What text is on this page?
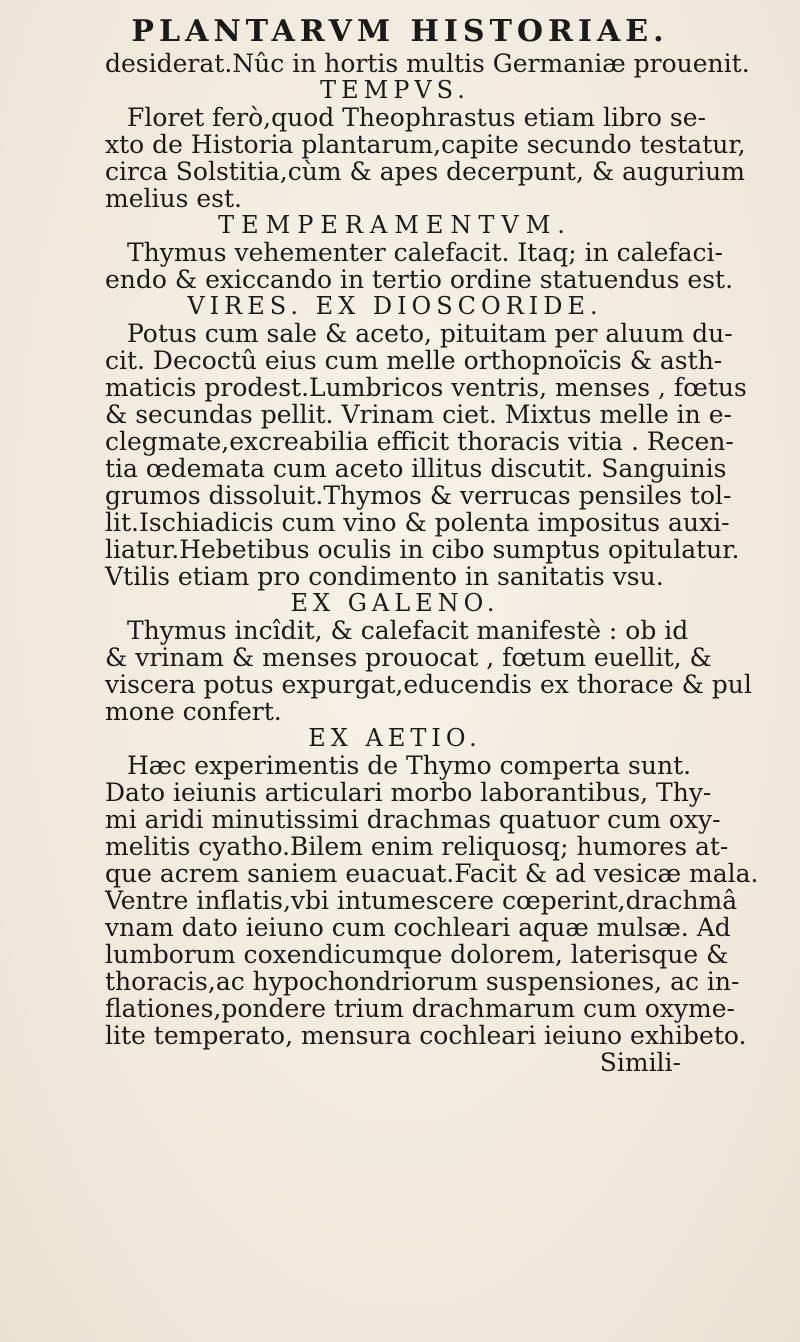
PLANTARVM HISTORIAE.
desiderat.Nûc in hortis multis Germaniæ prouenit.
TEMPVS.
Floret ferò,quod Theophrastus etiam libro se-
xto de Historia plantarum,capite secundo testatur,
circa Solstitia,cùm & apes decerpunt, & augurium
melius est.
TEMPERAMENTVM.
Thymus vehementer calefacit. Itaq; in calefaci-
endo & exiccando in tertio ordine statuendus est.
VIRES. EX DIOSCORIDE.
Potus cum sale & aceto, pituitam per aluum du-
cit. Decoctû eius cum melle orthopnoïcis & asth-
maticis prodest.Lumbricos ventris, menses , fœtus
& secundas pellit. Vrinam ciet. Mixtus melle in e-
clegmate,excreabilia efficit thoracis vitia . Recen-
tia œdemata cum aceto illitus discutit. Sanguinis
grumos dissoluit.Thymos & verrucas pensiles tol-
lit.Ischiadicis cum vino & polenta impositus auxi-
liatur.Hebetibus oculis in cibo sumptus opitulatur.
Vtilis etiam pro condimento in sanitatis vsu.
EX GALENO.
Thymus incîdit, & calefacit manifestè : ob id
& vrinam & menses prouocat , fœtum euellit, &
viscera potus expurgat,educendis ex thorace & pul
mone confert.
EX AETIO.
Hæc experimentis de Thymo comperta sunt.
Dato ieiunis articulari morbo laborantibus, Thy-
mi aridi minutissimi drachmas quatuor cum oxy-
melitis cyatho.Bilem enim reliquosq; humores at-
que acrem saniem euacuat.Facit & ad vesicæ mala.
Ventre inflatis,vbi intumescere cœperint,drachmâ
vnam dato ieiuno cum cochleari aquæ mulsæ. Ad
lumborum coxendicumque dolorem, laterisque &
thoracis,ac hypochondriorum suspensiones, ac in-
flationes,pondere trium drachmarum cum oxyme-
lite temperato, mensura cochleari ieiuno exhibeto.
Simili-
